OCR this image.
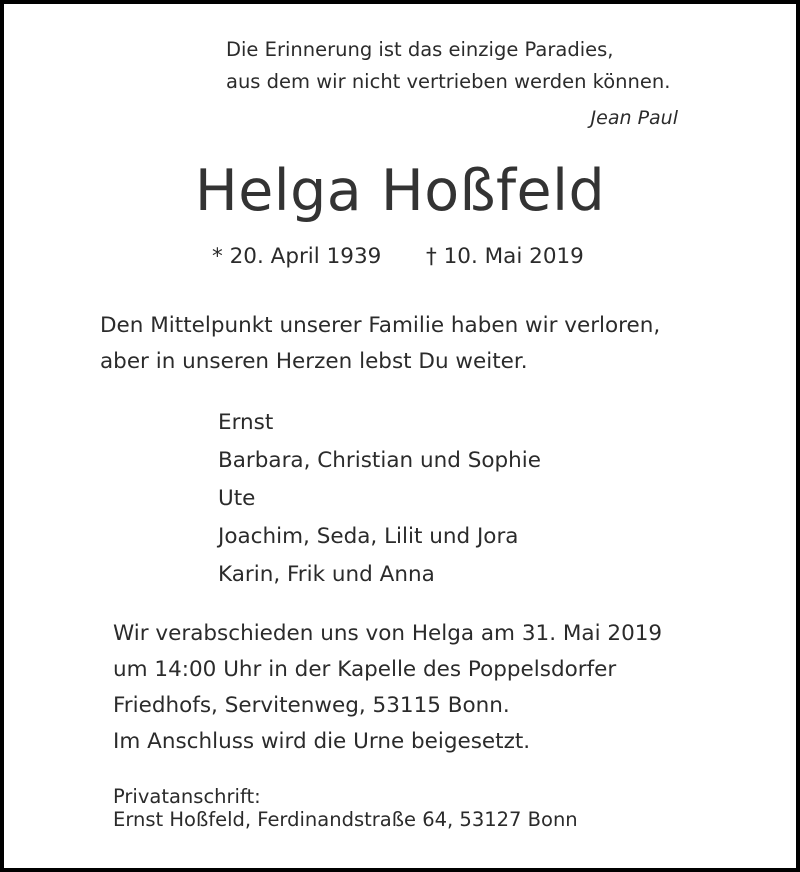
Die Erinnerung ist das einzige Paradies,
aus dem wir nicht vertrieben werden können.
Jean Paul
Helga Hoßfeld
* 20. April 1939 † 10. Mai 2019
Den Mittelpunkt unserer Familie haben wir verloren,
aber in unseren Herzen lebst Du weiter.
Ernst
Barbara, Christian und Sophie
Ute
Joachim, Seda, Lilit und Jora
Karin, Frik und Anna
Wir verabschieden uns von Helga am 31. Mai 2019
um 14:00 Uhr in der Kapelle des Poppelsdorfer
Friedhofs, Servitenweg, 53115 Bonn.
Im Anschluss wird die Urne beigesetzt.
Privatanschrift:
Ernst Hoßfeld, Ferdinandstraße 64, 53127 Bonn
